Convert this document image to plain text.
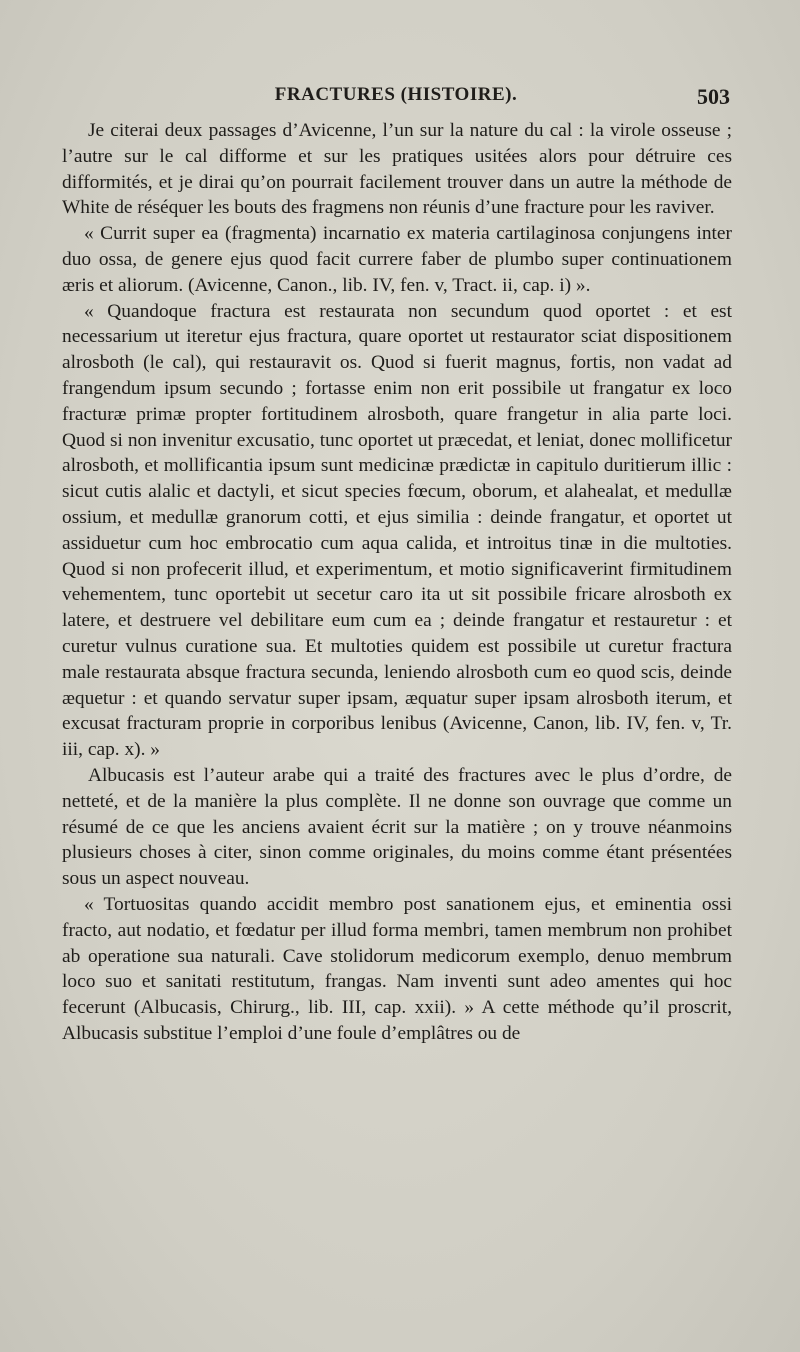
FRACTURES (HISTOIRE).	503

Je citerai deux passages d’Avicenne, l’un sur la nature du cal : la virole osseuse ; l’autre sur le cal difforme et sur les pratiques usitées alors pour détruire ces difformités, et je dirai qu’on pourrait facilement trouver dans un autre la méthode de White de réséquer les bouts des fragmens non réunis d’une fracture pour les raviver.

« Currit super ea (fragmenta) incarnatio ex materia cartilaginosa conjungens inter duo ossa, de genere ejus quod facit currere faber de plumbo super continuationem æris et aliorum. (Avicenne, Canon., lib. IV, fen. v, Tract. ii, cap. i) ».

« Quandoque fractura est restaurata non secundum quod oportet : et est necessarium ut iteretur ejus fractura, quare oportet ut restaurator sciat dispositionem alrosboth (le cal), qui restauravit os. Quod si fuerit magnus, fortis, non vadat ad frangendum ipsum secundo ; fortasse enim non erit possibile ut frangatur ex loco fracturæ primæ propter fortitudinem alrosboth, quare frangetur in alia parte loci. Quod si non invenitur excusatio, tunc oportet ut præcedat, et leniat, donec mollificetur alrosboth, et mollificantia ipsum sunt medicinæ prædictæ in capitulo duritierum illic : sicut cutis alalic et dactyli, et sicut species fœcum, oborum, et alahealat, et medullæ ossium, et medullæ granorum cotti, et ejus similia : deinde frangatur, et oportet ut assiduetur cum hoc embrocatio cum aqua calida, et introitus tinæ in die multoties. Quod si non profecerit illud, et experimentum, et motio significaverint firmitudinem vehementem, tunc oportebit ut secetur caro ita ut sit possibile fricare alrosboth ex latere, et destruere vel debilitare eum cum ea ; deinde frangatur et restauretur : et curetur vulnus curatione sua. Et multoties quidem est possibile ut curetur fractura male restaurata absque fractura secunda, leniendo alrosboth cum eo quod scis, deinde æquetur : et quando servatur super ipsam, æquatur super ipsam alrosboth iterum, et excusat fracturam proprie in corporibus lenibus (Avicenne, Canon, lib. IV, fen. v, Tr. iii, cap. x). »

Albucasis est l’auteur arabe qui a traité des fractures avec le plus d’ordre, de netteté, et de la manière la plus complète. Il ne donne son ouvrage que comme un résumé de ce que les anciens avaient écrit sur la matière ; on y trouve néanmoins plusieurs choses à citer, sinon comme originales, du moins comme étant présentées sous un aspect nouveau.

« Tortuositas quando accidit membro post sanationem ejus, et eminentia ossi fracto, aut nodatio, et fœdatur per illud forma membri, tamen membrum non prohibet ab operatione sua naturali. Cave stolidorum medicorum exemplo, denuo membrum loco suo et sanitati restitutum, frangas. Nam inventi sunt adeo amentes qui hoc fecerunt (Albucasis, Chirurg., lib. III, cap. xxii). » A cette méthode qu’il proscrit, Albucasis substitue l’emploi d’une foule d’emplâtres ou de
